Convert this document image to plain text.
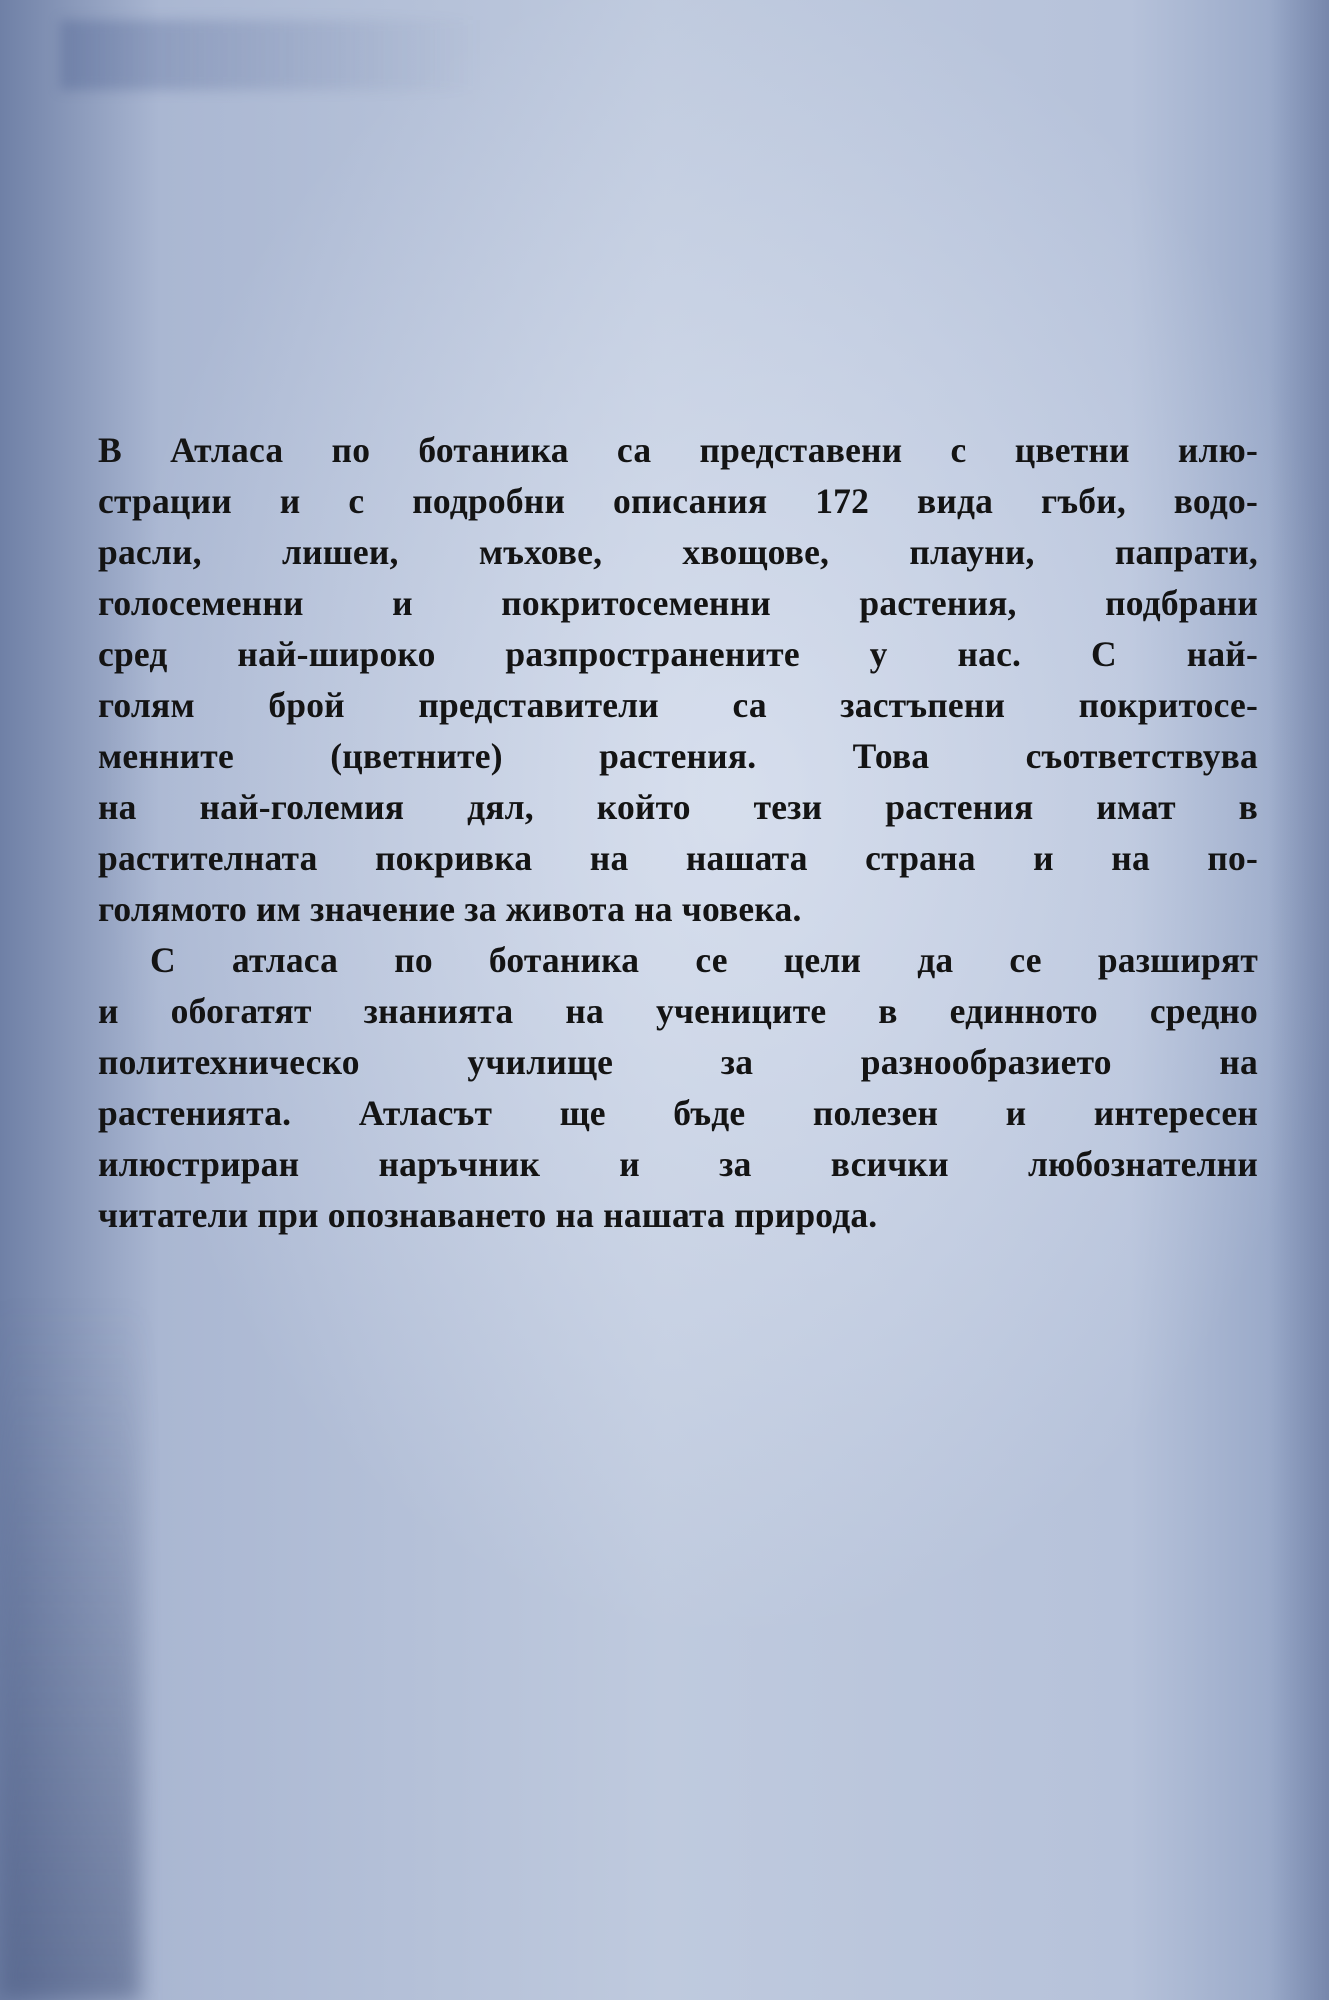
В Атласа по ботаника са представени с цветни илю-
страции и с подробни описания 172 вида гъби, водо-
расли, лишеи, мъхове, хвощове, плауни, папрати,
голосеменни и покритосеменни растения, подбрани
сред най-широко разпространените у нас. С най-
голям брой представители са застъпени покритосе-
менните (цветните) растения. Това съответствува
на най-големия дял, който тези растения имат в
растителната покривка на нашата страна и на по-
голямото им значение за живота на човека.
С атласа по ботаника се цели да се разширят
и обогатят знанията на учениците в единното средно
политехническо училище за разнообразието на
растенията. Атласът ще бъде полезен и интересен
илюстриран наръчник и за всички любознателни
читатели при опознаването на нашата природа.
